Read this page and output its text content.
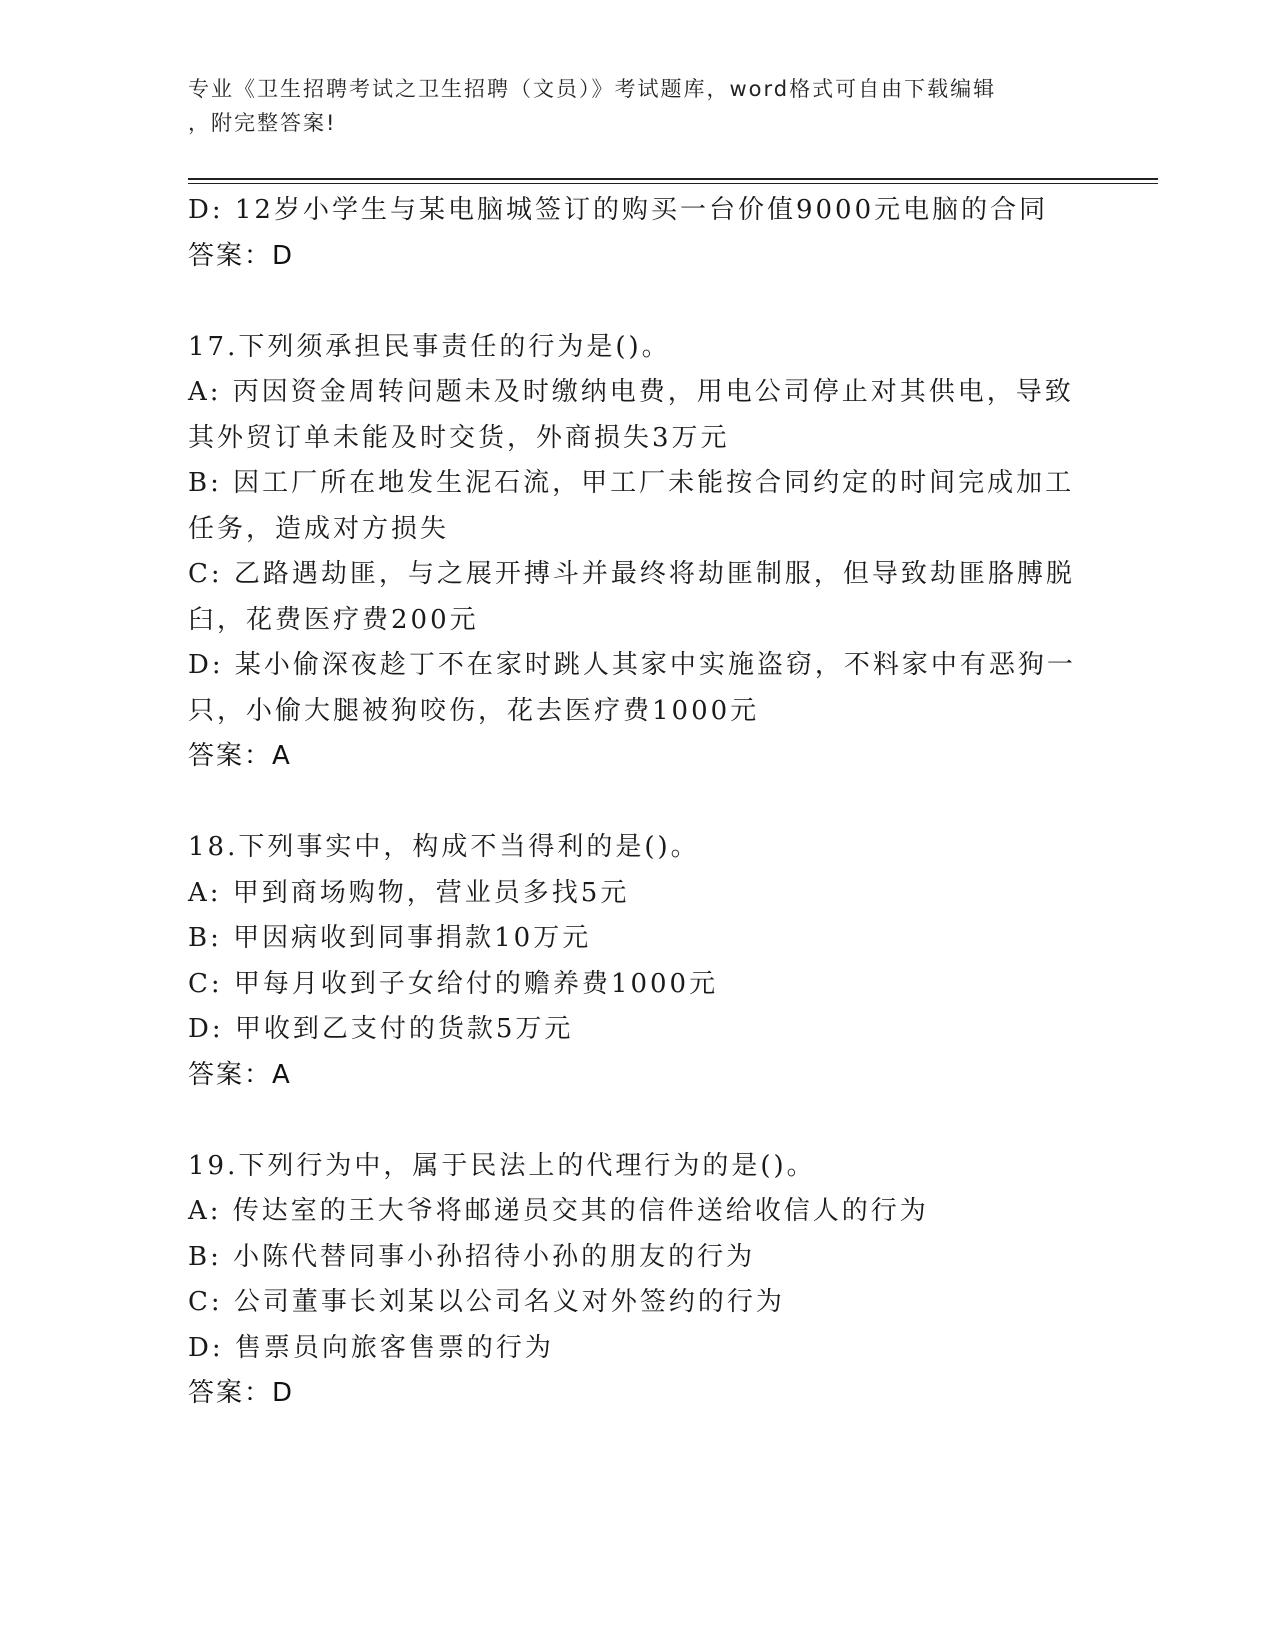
专业《卫生招聘考试之卫生招聘（文员）》考试题库，word格式可自由下载编辑
，附完整答案!
D: 12岁小学生与某电脑城签订的购买一台价值9000元电脑的合同
答案：D
17.下列须承担民事责任的行为是()。
A: 丙因资金周转问题未及时缴纳电费，用电公司停止对其供电，导致
其外贸订单未能及时交货，外商损失3万元
B: 因工厂所在地发生泥石流，甲工厂未能按合同约定的时间完成加工
任务，造成对方损失
C: 乙路遇劫匪，与之展开搏斗并最终将劫匪制服，但导致劫匪胳膊脱
臼，花费医疗费200元
D: 某小偷深夜趁丁不在家时跳人其家中实施盗窃，不料家中有恶狗一
只，小偷大腿被狗咬伤，花去医疗费1000元
答案：A
18.下列事实中，构成不当得利的是()。
A: 甲到商场购物，营业员多找5元
B: 甲因病收到同事捐款10万元
C: 甲每月收到子女给付的赡养费1000元
D: 甲收到乙支付的货款5万元
答案：A
19.下列行为中，属于民法上的代理行为的是()。
A: 传达室的王大爷将邮递员交其的信件送给收信人的行为
B: 小陈代替同事小孙招待小孙的朋友的行为
C: 公司董事长刘某以公司名义对外签约的行为
D: 售票员向旅客售票的行为
答案：D
